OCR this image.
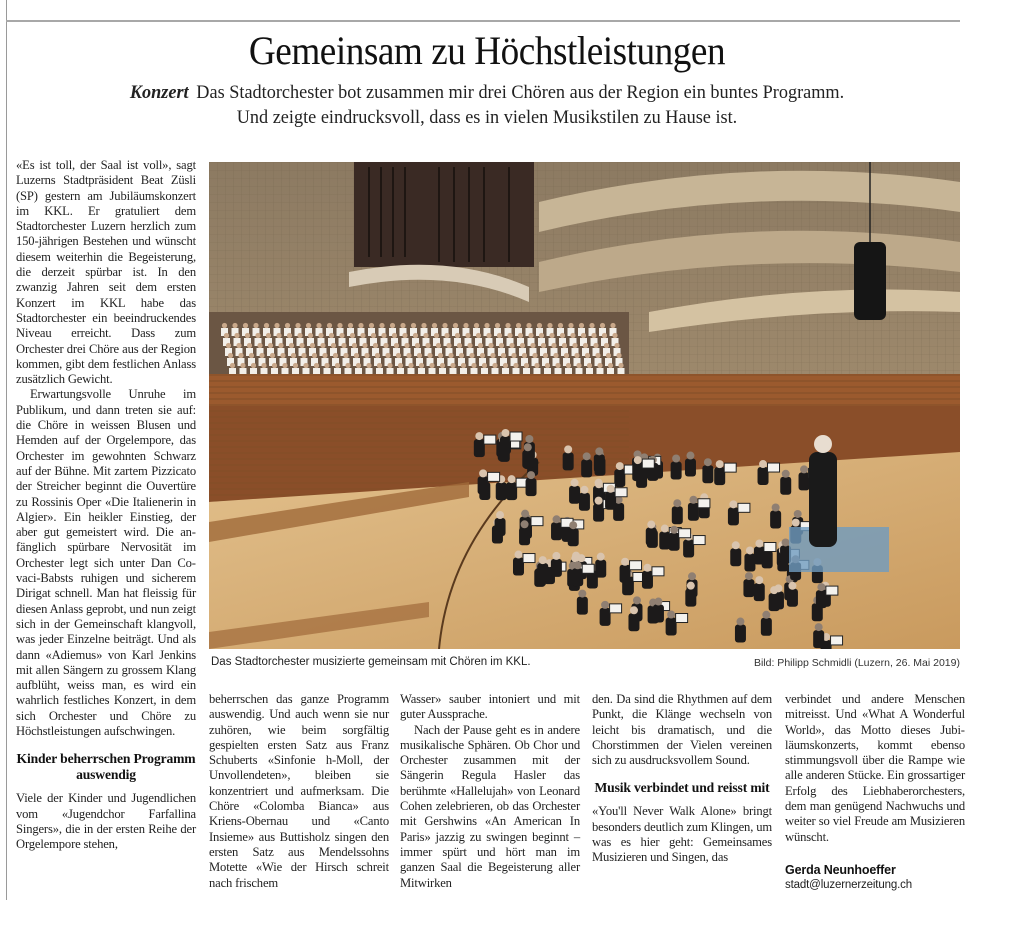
Gemeinsam zu Höchstleistungen
Konzert Das Stadtorchester bot zusammen mir drei Chören aus der Region ein buntes Programm. Und zeigte eindrucksvoll, dass es in vielen Musikstilen zu Hause ist.

«Es ist toll, der Saal ist voll», sagt Luzerns Stadtpräsident Beat Züsli (SP) gestern am Jubiläumskonzert im KKL. Er gratuliert dem Stadtorchester Luzern herzlich zum 150-jährigen Bestehen und wünscht diesem weiterhin die Begeisterung, die derzeit spürbar ist. In den zwanzig Jahren seit dem ersten Konzert im KKL habe das Stadtorchester ein beeindruckendes Niveau erreicht. Dass zum Orchester drei Chöre aus der Region kommen, gibt dem festlichen Anlass zusätzlich Gewicht.

Erwartungsvolle Unruhe im Publikum, und dann treten sie auf: die Chöre in weissen Blusen und Hemden auf der Orgelempore, das Orchester im gewohnten Schwarz auf der Bühne. Mit zartem Pizzicato der Streicher beginnt die Ouvertüre zu Rossinis Oper «Die Italienerin in Algier». Ein heikler Einstieg, der aber gut gemeistert wird. Die anfänglich spürbare Nervosität im Orchester legt sich unter Dan Covaci-Babsts ruhigen und sicherem Dirigat schnell. Man hat fleissig für diesen Anlass geprobt, und nun zeigt sich in der Gemeinschaft klangvoll, was jeder Einzelne beiträgt. Und als dann «Adiemus» von Karl Jenkins mit allen Sängern zu grossem Klang aufblüht, weiss man, es wird ein wahrlich festliches Konzert, in dem sich Orchester und Chöre zu Höchstleistungen aufschwingen.

Kinder beherrschen Programm auswendig

Viele der Kinder und Jugendlichen vom «Jugendchor Farfallina Singers», die in der ersten Reihe der Orgelempore stehen,

Das Stadtorchester musizierte gemeinsam mit Chören im KKL.	Bild: Philipp Schmidli (Luzern, 26. Mai 2019)

beherrschen das ganze Programm auswendig. Und auch wenn sie nur zuhören, wie beim sorgfältig gespielten ersten Satz aus Franz Schuberts «Sinfonie h-Moll, der Unvollendeten», bleiben sie konzentriert und aufmerksam. Die Chöre «Colomba Bianca» aus Kriens-Obernau und «Canto Insieme» aus Buttisholz singen den ersten Satz aus Mendelssohns Motette «Wie der Hirsch schreit nach frischem

Wasser» sauber intoniert und mit guter Aussprache.

Nach der Pause geht es in andere musikalische Sphären. Ob Chor und Orchester zusammen mit der Sängerin Regula Hasler das berühmte «Hallelujah» von Leonard Cohen zelebrieren, ob das Orchester mit Gershwins «An American In Paris» jazzig zu swingen beginnt – immer spürt und hört man im ganzen Saal die Begeisterung aller Mitwirken

den. Da sind die Rhythmen auf dem Punkt, die Klänge wechseln von leicht bis dramatisch, und die Chorstimmen der Vielen vereinen sich zu ausdrucksvollem Sound.

Musik verbindet und reisst mit

«You'll Never Walk Alone» bringt besonders deutlich zum Klingen, um was es hier geht: Gemeinsames Musizieren und Singen, das

verbindet und andere Menschen mitreisst. Und «What A Wonderful World», das Motto dieses Jubiläumskonzerts, kommt ebenso stimmungsvoll über die Rampe wie alle anderen Stücke. Ein grossartiger Erfolg des Liebhaberorchesters, dem man genügend Nachwuchs und weiter so viel Freude am Musizieren wünscht.

Gerda Neunhoeffer

stadt@luzernerzeitung.ch
